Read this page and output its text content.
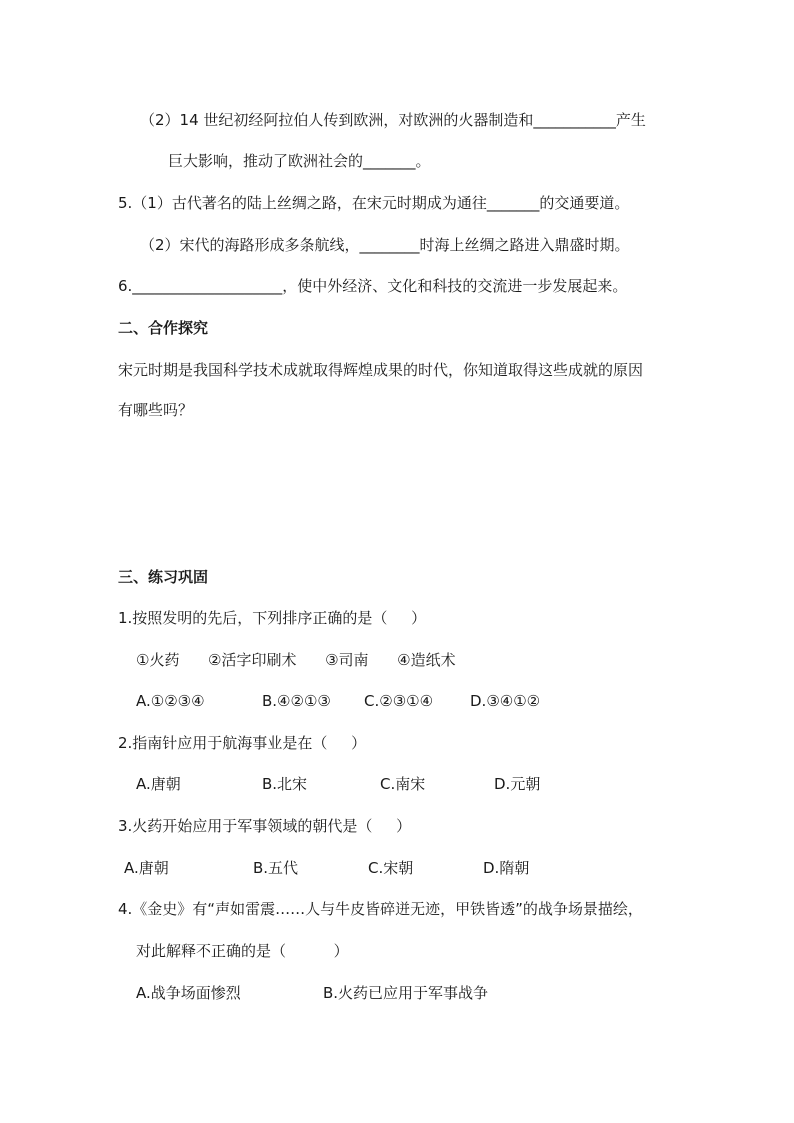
（2）14 世纪初经阿拉伯人传到欧洲，对欧洲的火器制造和___________产生
巨大影响，推动了欧洲社会的_______。
5.（1）古代著名的陆上丝绸之路，在宋元时期成为通往_______的交通要道。
（2）宋代的海路形成多条航线，________时海上丝绸之路进入鼎盛时期。
6.____________________，使中外经济、文化和科技的交流进一步发展起来。
二、合作探究
宋元时期是我国科学技术成就取得辉煌成果的时代，你知道取得这些成就的原因
有哪些吗？
三、练习巩固
1.按照发明的先后，下列排序正确的是（     ）
①火药      ②活字印刷术      ③司南      ④造纸术
A.①②③④	B.④②①③ C.②③①④ D.③④①②
2.指南针应用于航海事业是在（     ）
A.唐朝	B.北宋	C.南宋	D.元朝
3.火药开始应用于军事领域的朝代是（     ）
A.唐朝	B.五代	C.宋朝	D.隋朝
4.《金史》有“声如雷震……人与牛皮皆碎迸无迹，甲铁皆透”的战争场景描绘，
对此解释不正确的是（          ）
A.战争场面惨烈	B.火药已应用于军事战争
